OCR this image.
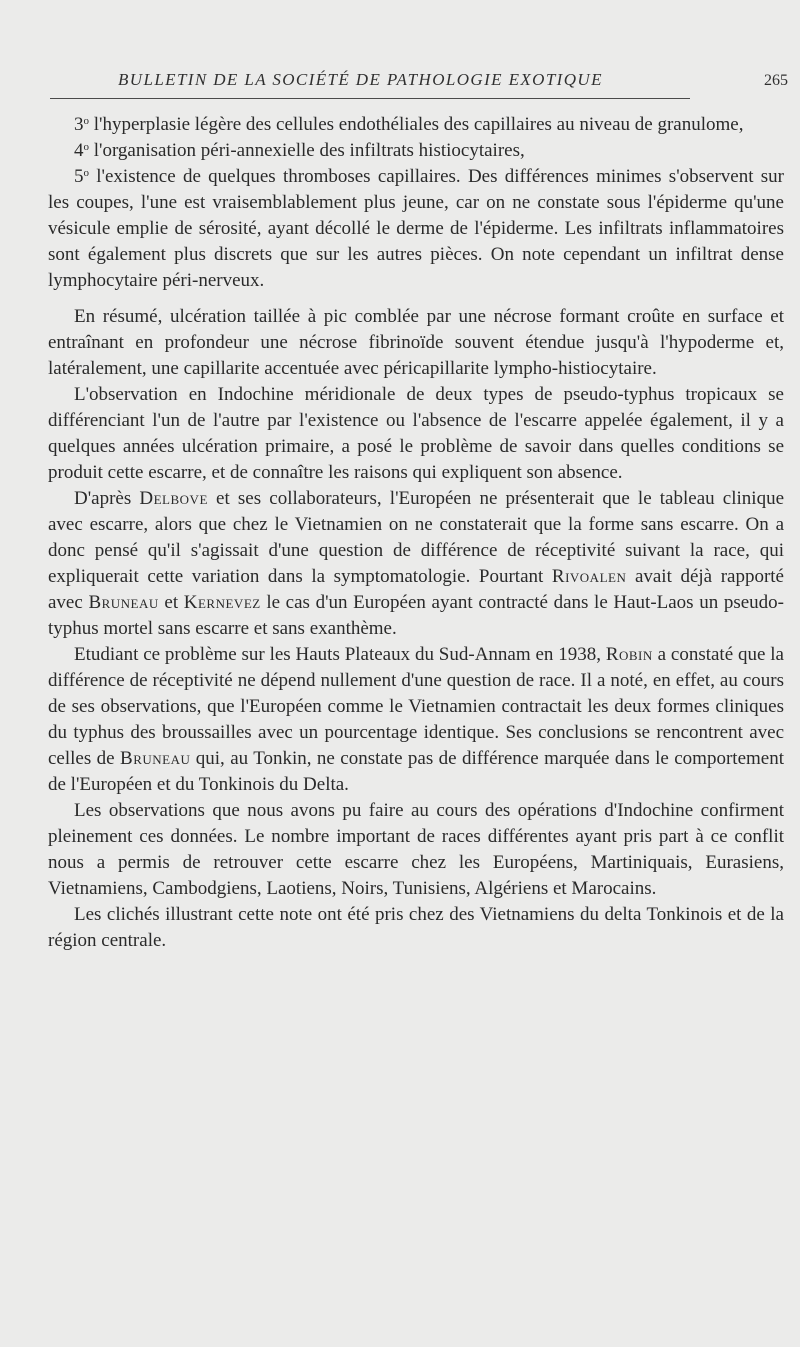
BULLETIN DE LA SOCIÉTÉ DE PATHOLOGIE EXOTIQUE	265

3$^o$ l'hyperplasie légère des cellules endothéliales des capillaires au niveau de granulome,

4$^o$ l'organisation péri-annexielle des infiltrats histiocytaires,

5$^o$ l'existence de quelques thromboses capillaires. Des différences minimes s'observent sur les coupes, l'une est vraisemblablement plus jeune, car on ne constate sous l'épiderme qu'une vésicule emplie de sérosité, ayant décollé le derme de l'épiderme. Les infiltrats inflammatoires sont également plus discrets que sur les autres pièces. On note cependant un infiltrat dense lymphocytaire péri-nerveux.

En résumé, ulcération taillée à pic comblée par une nécrose formant croûte en surface et entraînant en profondeur une nécrose fibrinoïde souvent étendue jusqu'à l'hypoderme et, latéralement, une capillarite accentuée avec péricapillarite lympho-histiocytaire.

L'observation en Indochine méridionale de deux types de pseudo-typhus tropicaux se différenciant l'un de l'autre par l'existence ou l'absence de l'escarre appelée également, il y a quelques années ulcération primaire, a posé le problème de savoir dans quelles conditions se produit cette escarre, et de connaître les raisons qui expliquent son absence.

D'après Delbove et ses collaborateurs, l'Européen ne présenterait que le tableau clinique avec escarre, alors que chez le Vietnamien on ne constaterait que la forme sans escarre. On a donc pensé qu'il s'agissait d'une question de différence de réceptivité suivant la race, qui expliquerait cette variation dans la symptomatologie. Pourtant Rivoalen avait déjà rapporté avec Bruneau et Kernevez le cas d'un Européen ayant contracté dans le Haut-Laos un pseudo-typhus mortel sans escarre et sans exanthème.

Etudiant ce problème sur les Hauts Plateaux du Sud-Annam en 1938, Robin a constaté que la différence de réceptivité ne dépend nullement d'une question de race. Il a noté, en effet, au cours de ses observations, que l'Européen comme le Vietnamien contractait les deux formes cliniques du typhus des broussailles avec un pourcentage identique. Ses conclusions se rencontrent avec celles de Bruneau qui, au Tonkin, ne constate pas de différence marquée dans le comportement de l'Européen et du Tonkinois du Delta.

Les observations que nous avons pu faire au cours des opérations d'Indochine confirment pleinement ces données. Le nombre important de races différentes ayant pris part à ce conflit nous a permis de retrouver cette escarre chez les Européens, Martiniquais, Eurasiens, Vietnamiens, Cambodgiens, Laotiens, Noirs, Tunisiens, Algériens et Marocains.

Les clichés illustrant cette note ont été pris chez des Vietnamiens du delta Tonkinois et de la région centrale.
